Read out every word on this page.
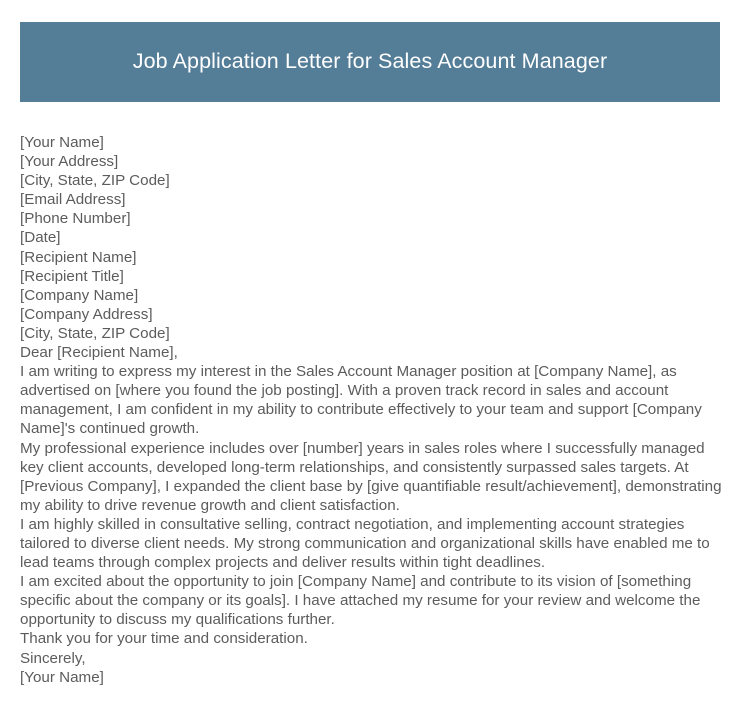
Job Application Letter for Sales Account Manager
[Your Name]
[Your Address]
[City, State, ZIP Code]
[Email Address]
[Phone Number]
[Date]
[Recipient Name]
[Recipient Title]
[Company Name]
[Company Address]
[City, State, ZIP Code]
Dear [Recipient Name],

I am writing to express my interest in the Sales Account Manager position at [Company Name], as advertised on [where you found the job posting]. With a proven track record in sales and account management, I am confident in my ability to contribute effectively to your team and support [Company Name]'s continued growth.

My professional experience includes over [number] years in sales roles where I successfully managed key client accounts, developed long-term relationships, and consistently surpassed sales targets. At [Previous Company], I expanded the client base by [give quantifiable result/achievement], demonstrating my ability to drive revenue growth and client satisfaction.

I am highly skilled in consultative selling, contract negotiation, and implementing account strategies tailored to diverse client needs. My strong communication and organizational skills have enabled me to lead teams through complex projects and deliver results within tight deadlines.

I am excited about the opportunity to join [Company Name] and contribute to its vision of [something specific about the company or its goals]. I have attached my resume for your review and welcome the opportunity to discuss my qualifications further.

Thank you for your time and consideration.
Sincerely,
[Your Name]
